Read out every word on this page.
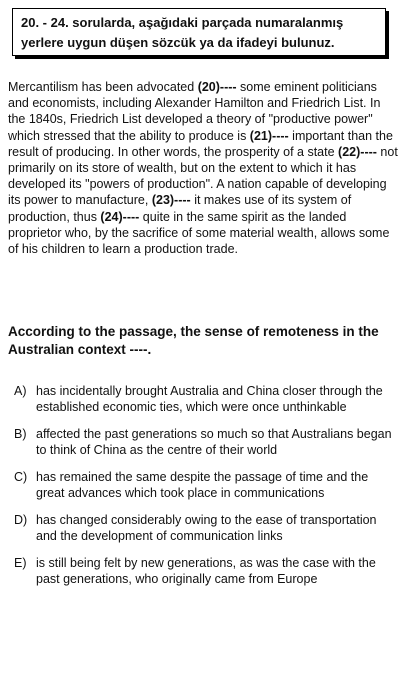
20. - 24. sorularda, aşağıdaki parçada numaralanmış
yerlere uygun düşen sözcük ya da ifadeyi bulunuz.

Mercantilism has been advocated (20)---- some eminent politicians and economists, including Alexander Hamilton and Friedrich List. In the 1840s, Friedrich List developed a theory of "productive power" which stressed that the ability to produce is (21)---- important than the result of producing. In other words, the prosperity of a state (22)---- not primarily on its store of wealth, but on the extent to which it has developed its "powers of production". A nation capable of developing its power to manufacture, (23)---- it makes use of its system of production, thus (24)---- quite in the same spirit as the landed proprietor who, by the sacrifice of some material wealth, allows some of his children to learn a production trade.

According to the passage, the sense of remoteness in the Australian context ----.

A) has incidentally brought Australia and China closer through the established economic ties, which were once unthinkable
B) affected the past generations so much so that Australians began to think of China as the centre of their world
C) has remained the same despite the passage of time and the great advances which took place in communications
D) has changed considerably owing to the ease of transportation and the development of communication links
E) is still being felt by new generations, as was the case with the past generations, who originally came from Europe
